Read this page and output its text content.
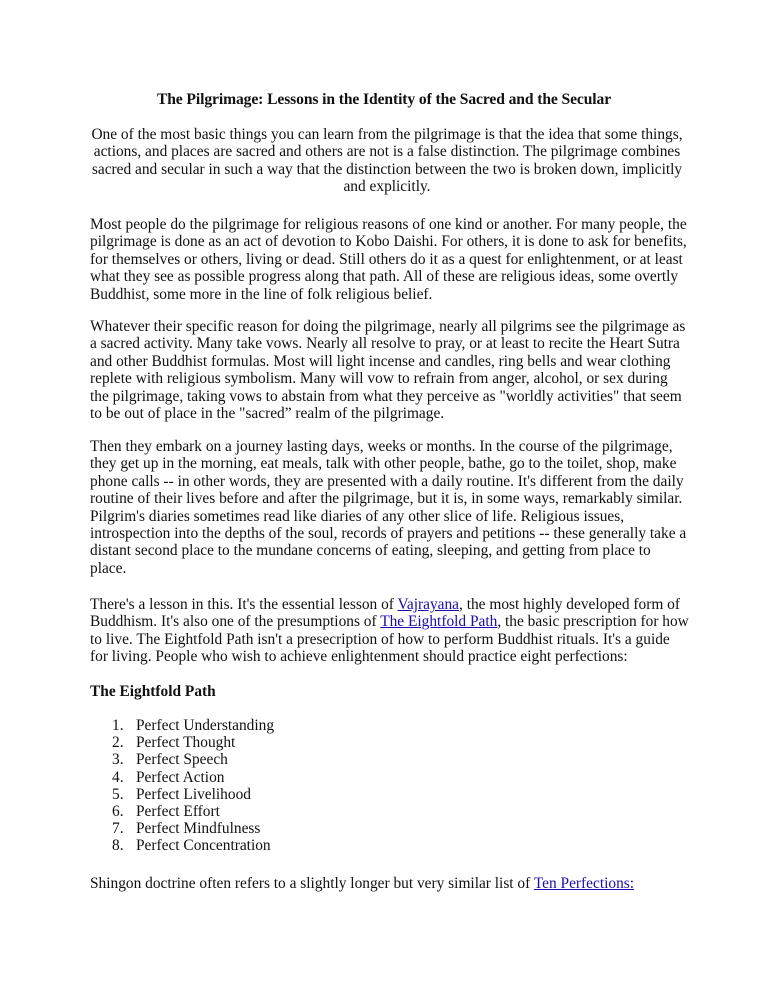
The Pilgrimage: Lessons in the Identity of the Sacred and the Secular
One of the most basic things you can learn from the pilgrimage is that the idea that some things, actions, and places are sacred and others are not is a false distinction. The pilgrimage combines sacred and secular in such a way that the distinction between the two is broken down, implicitly and explicitly.

Most people do the pilgrimage for religious reasons of one kind or another. For many people, the pilgrimage is done as an act of devotion to Kobo Daishi. For others, it is done to ask for benefits, for themselves or others, living or dead. Still others do it as a quest for enlightenment, or at least what they see as possible progress along that path. All of these are religious ideas, some overtly Buddhist, some more in the line of folk religious belief.

Whatever their specific reason for doing the pilgrimage, nearly all pilgrims see the pilgrimage as a sacred activity. Many take vows. Nearly all resolve to pray, or at least to recite the Heart Sutra and other Buddhist formulas. Most will light incense and candles, ring bells and wear clothing replete with religious symbolism. Many will vow to refrain from anger, alcohol, or sex during the pilgrimage, taking vows to abstain from what they perceive as "worldly activities" that seem to be out of place in the "sacred” realm of the pilgrimage.

Then they embark on a journey lasting days, weeks or months. In the course of the pilgrimage, they get up in the morning, eat meals, talk with other people, bathe, go to the toilet, shop, make phone calls -- in other words, they are presented with a daily routine. It's different from the daily routine of their lives before and after the pilgrimage, but it is, in some ways, remarkably similar. Pilgrim's diaries sometimes read like diaries of any other slice of life. Religious issues, introspection into the depths of the soul, records of prayers and petitions -- these generally take a distant second place to the mundane concerns of eating, sleeping, and getting from place to place.

There's a lesson in this. It's the essential lesson of Vajrayana, the most highly developed form of Buddhism. It's also one of the presumptions of The Eightfold Path, the basic prescription for how to live. The Eightfold Path isn't a presecription of how to perform Buddhist rituals. It's a guide for living. People who wish to achieve enlightenment should practice eight perfections:

The Eightfold Path
1. Perfect Understanding
2. Perfect Thought
3. Perfect Speech
4. Perfect Action
5. Perfect Livelihood
6. Perfect Effort
7. Perfect Mindfulness
8. Perfect Concentration

Shingon doctrine often refers to a slightly longer but very similar list of Ten Perfections:
